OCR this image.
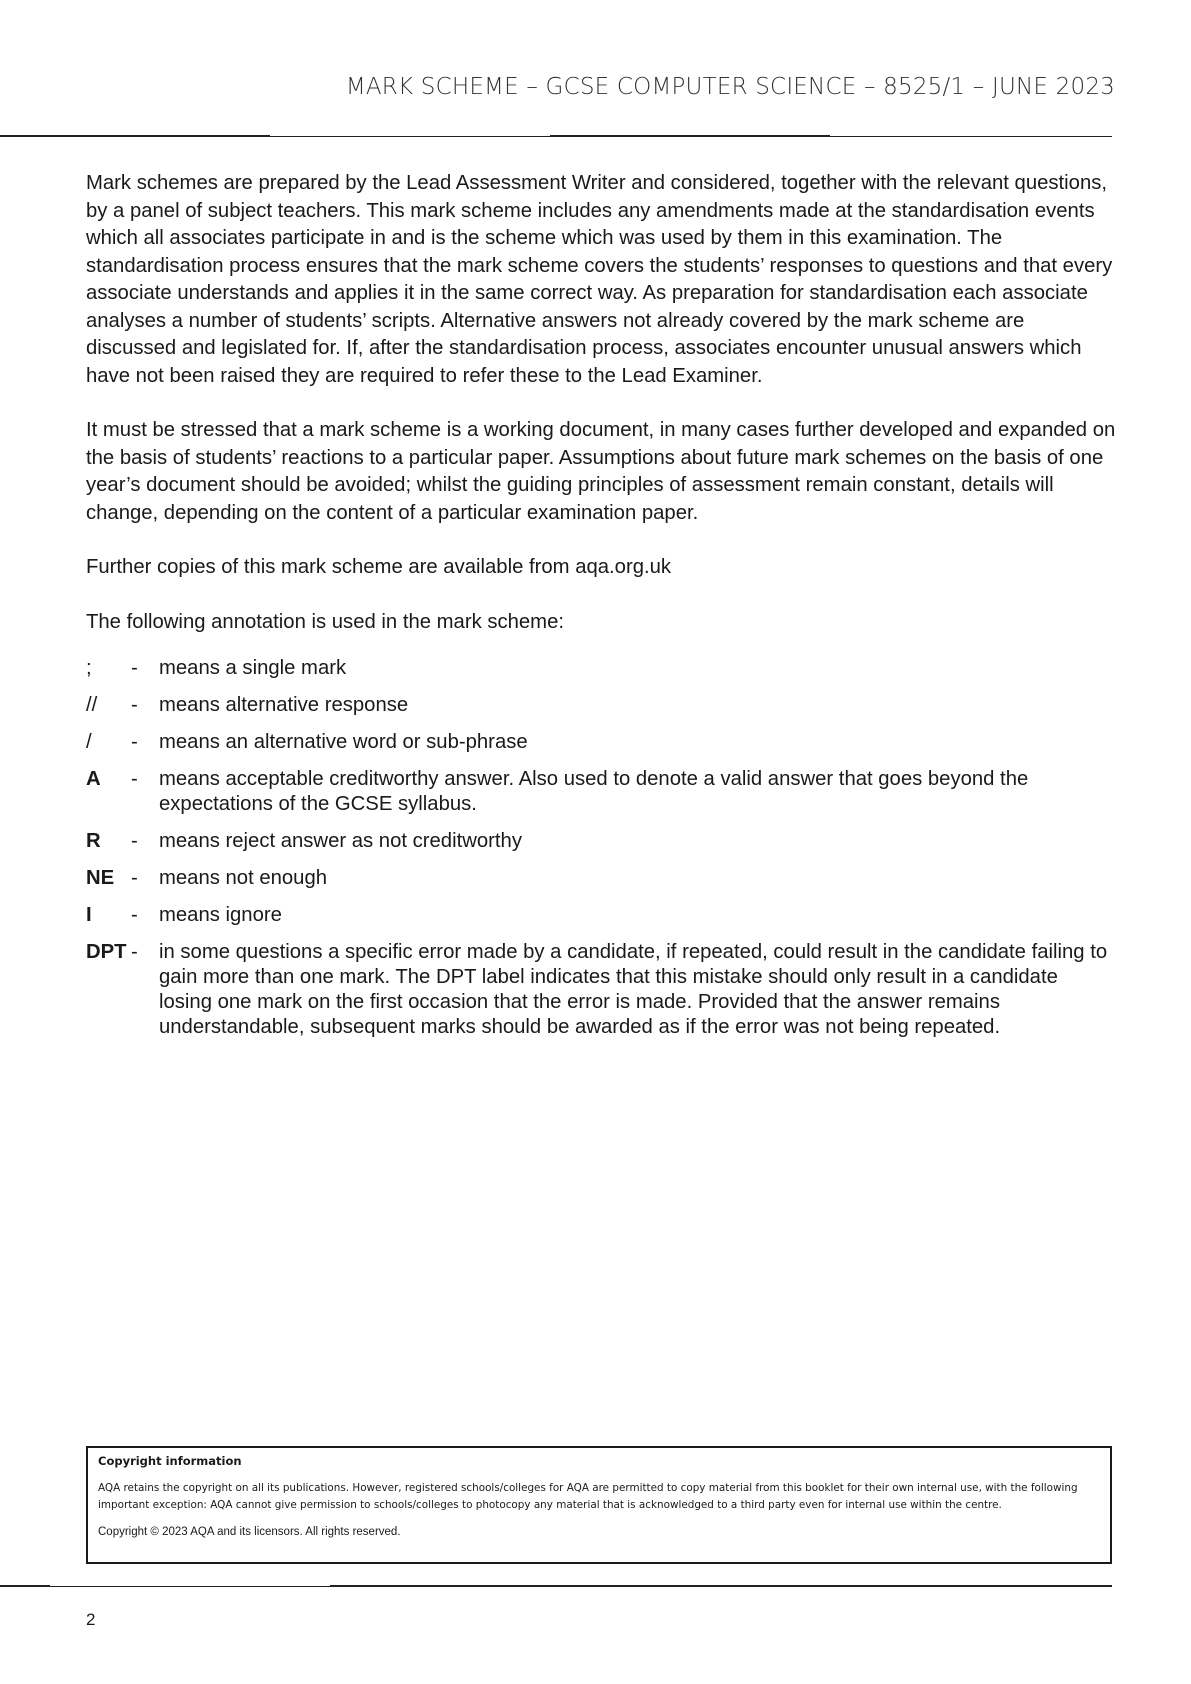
MARK SCHEME – GCSE COMPUTER SCIENCE – 8525/1 – JUNE 2023

Mark schemes are prepared by the Lead Assessment Writer and considered, together with the relevant questions, by a panel of subject teachers. This mark scheme includes any amendments made at the standardisation events which all associates participate in and is the scheme which was used by them in this examination. The standardisation process ensures that the mark scheme covers the students’ responses to questions and that every associate understands and applies it in the same correct way. As preparation for standardisation each associate analyses a number of students’ scripts. Alternative answers not already covered by the mark scheme are discussed and legislated for. If, after the standardisation process, associates encounter unusual answers which have not been raised they are required to refer these to the Lead Examiner.

It must be stressed that a mark scheme is a working document, in many cases further developed and expanded on the basis of students’ reactions to a particular paper. Assumptions about future mark schemes on the basis of one year’s document should be avoided; whilst the guiding principles of assessment remain constant, details will change, depending on the content of a particular examination paper.

Further copies of this mark scheme are available from aqa.org.uk

The following annotation is used in the mark scheme:

;	-	means a single mark
//	-	means alternative response
/	-	means an alternative word or sub-phrase
A	-	means acceptable creditworthy answer. Also used to denote a valid answer that goes beyond the expectations of the GCSE syllabus.
R	-	means reject answer as not creditworthy
NE -	means not enough
I	-	means ignore
DPT -	in some questions a specific error made by a candidate, if repeated, could result in the candidate failing to gain more than one mark. The DPT label indicates that this mistake should only result in a candidate losing one mark on the first occasion that the error is made. Provided that the answer remains understandable, subsequent marks should be awarded as if the error was not being repeated.
Copyright information
AQA retains the copyright on all its publications. However, registered schools/colleges for AQA are permitted to copy material from this booklet for their own internal use, with the following important exception: AQA cannot give permission to schools/colleges to photocopy any material that is acknowledged to a third party even for internal use within the centre.
Copyright © 2023 AQA and its licensors. All rights reserved.
2
